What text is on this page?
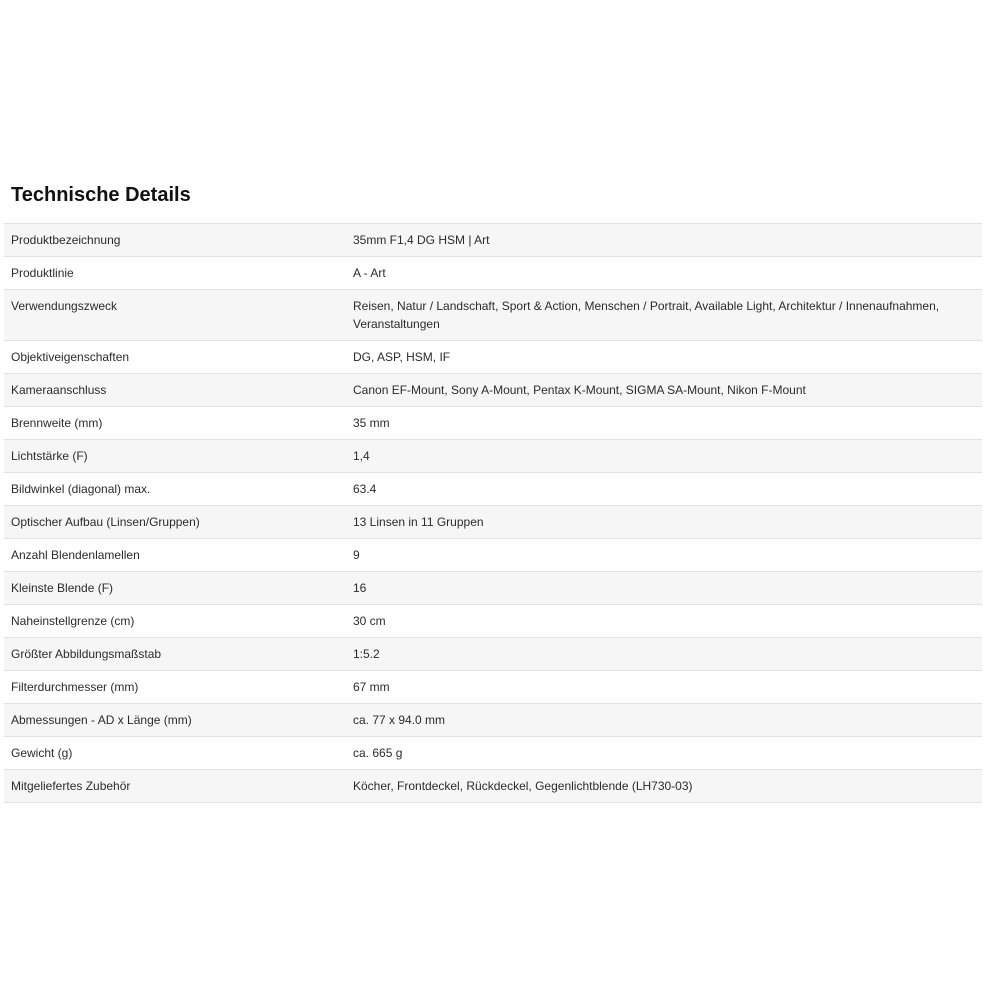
Technische Details
Produktbezeichnung	35mm F1,4 DG HSM | Art
Produktlinie	A - Art
Verwendungszweck	Reisen, Natur / Landschaft, Sport & Action, Menschen / Portrait, Available Light, Architektur / Innenaufnahmen, Veranstaltungen
Objektiveigenschaften	DG, ASP, HSM, IF
Kameraanschluss	Canon EF-Mount, Sony A-Mount, Pentax K-Mount, SIGMA SA-Mount, Nikon F-Mount
Brennweite (mm)	35 mm
Lichtstärke (F)	1,4
Bildwinkel (diagonal) max.	63.4
Optischer Aufbau (Linsen/Gruppen)	13 Linsen in 11 Gruppen
Anzahl Blendenlamellen	9
Kleinste Blende (F)	16
Naheinstellgrenze (cm)	30 cm
Größter Abbildungsmaßstab	1:5.2
Filterdurchmesser (mm)	67 mm
Abmessungen - AD x Länge (mm)	ca. 77 x 94.0 mm
Gewicht (g)	ca. 665 g
Mitgeliefertes Zubehör	Köcher, Frontdeckel, Rückdeckel, Gegenlichtblende (LH730-03)
